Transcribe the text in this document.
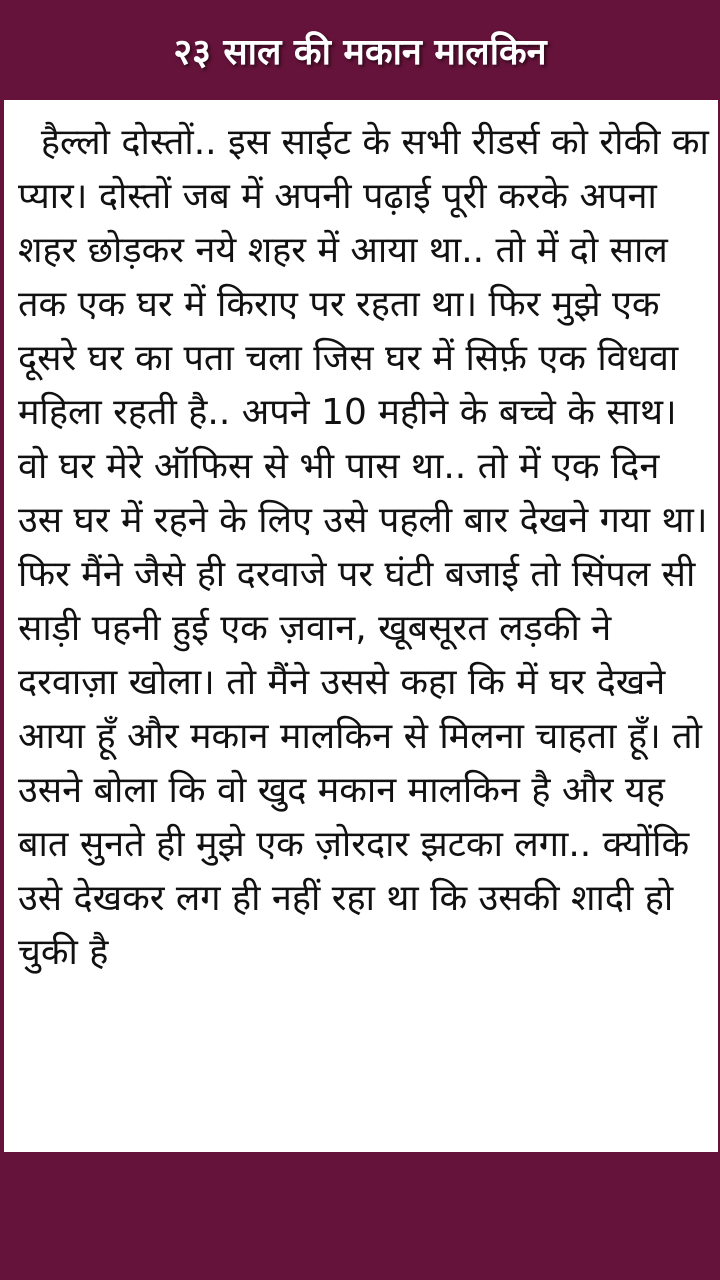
२३ साल की मकान मालकिन

हैल्लो दोस्तों.. इस साईट के सभी रीडर्स को रोकी का प्यार। दोस्तों जब में अपनी पढ़ाई पूरी करके अपना शहर छोड़कर नये शहर में आया था.. तो में दो साल तक एक घर में किराए पर रहता था। फिर मुझे एक दूसरे घर का पता चला जिस घर में सिर्फ़ एक विधवा महिला रहती है.. अपने 10 महीने के बच्चे के साथ। वो घर मेरे ऑफिस से भी पास था.. तो में एक दिन उस घर में रहने के लिए उसे पहली बार देखने गया था। फिर मैंने जैसे ही दरवाजे पर घंटी बजाई तो सिंपल सी साड़ी पहनी हुई एक ज़वान, खूबसूरत लड़की ने दरवाज़ा खोला। तो मैंने उससे कहा कि में घर देखने आया हूँ और मकान मालकिन से मिलना चाहता हूँ। तो उसने बोला कि वो खुद मकान मालकिन है और यह बात सुनते ही मुझे एक ज़ोरदार झटका लगा.. क्योंकि उसे देखकर लग ही नहीं रहा था कि उसकी शादी हो चुकी है
